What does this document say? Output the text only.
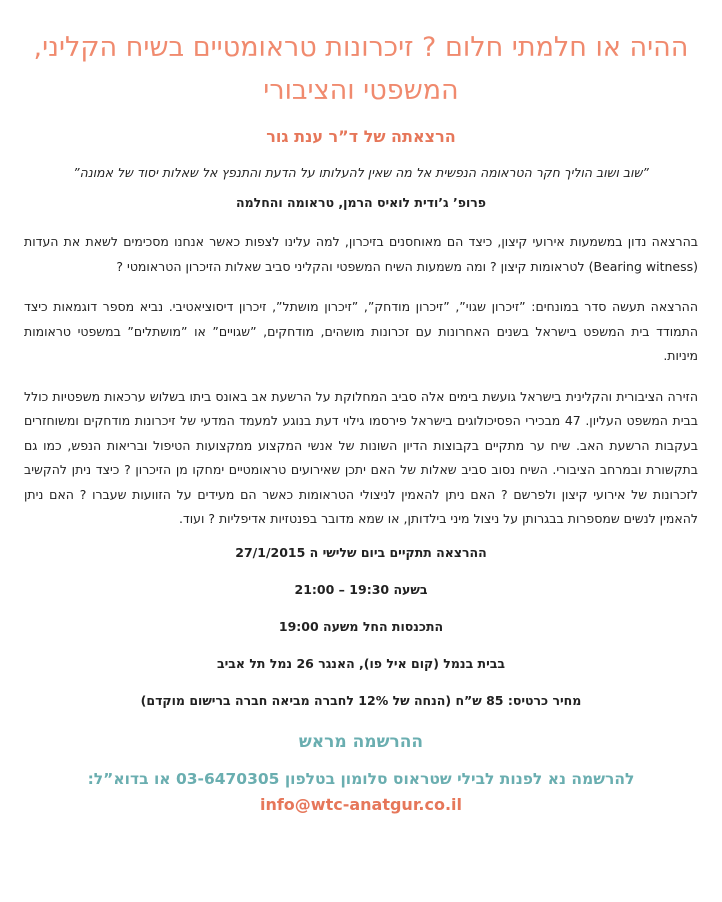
ההיה או חלמתי חלום ? זיכרונות טראומטיים בשיח הקליני, המשפטי והציבורי
הרצאתה של ד”ר ענת גור
”שוב ושוב הוליך חקר הטראומה הנפשית אל מה שאין להעלותו על הדעת והתנפץ אל שאלות יסוד של אמונה”
פרופ’ ג’ודית לואיס הרמן, טראומה והחלמה

בהרצאה נדון במשמעות אירועי קיצון, כיצד הם מאוחסנים בזיכרון, למה עלינו לצפות כאשר אנחנו מסכימים לשאת את העדות (Bearing witness) לטראומות קיצון ? ומה משמעות השיח המשפטי והקליני סביב שאלות הזיכרון הטראומטי ?

ההרצאה תעשה סדר במונחים: ”זיכרון שגוי”, ”זיכרון מודחק”, ”זיכרון מושתל”, זיכרון דיסוציאטיבי. נביא מספר דוגמאות כיצד התמודד בית המשפט בישראל בשנים האחרונות עם זכרונות מושהים, מודחקים, ”שגויים” או ”מושתלים” במשפטי טראומות מיניות.

הזירה הציבורית והקלינית בישראל גועשת בימים אלה סביב המחלוקת על הרשעת אב באונס ביתו בשלוש ערכאות משפטיות כולל בבית המשפט העליון. 47 מבכירי הפסיכולוגים בישראל פירסמו גילוי דעת בנוגע למעמד המדעי של זיכרונות מודחקים ומשוחזרים בעקבות הרשעת האב. שיח ער מתקיים בקבוצות הדיון השונות של אנשי המקצוע ממקצועות הטיפול ובריאות הנפש, כמו גם בתקשורת ובמרחב הציבורי. השיח נסוב סביב שאלות של האם יתכן שאירועים טראומטיים ימחקו מן הזיכרון ? כיצד ניתן להקשיב לזכרונות של אירועי קיצון ולפרשם ? האם ניתן להאמין לניצולי הטראומות כאשר הם מעידים על הזוועות שעברו ? האם ניתן להאמין לנשים שמספרות בבגרותן על ניצול מיני בילדותן, או שמא מדובר בפנטזיות אדיפליות ? ועוד.

ההרצאה תתקיים ביום שלישי ה 27/1/2015
בשעה 19:30 – 21:00
התכנסות החל משעה 19:00
בבית בנמל (קום איל פו), האנגר 26 נמל תל אביב
מחיר כרטיס: 85 ש”ח (הנחה של 12% לחברה מביאה חברה ברישום מוקדם)
ההרשמה מראש
להרשמה נא לפנות לבילי שטראוס סלומון בטלפון 03-6470305 או בדוא”ל:
info@wtc-anatgur.co.il
